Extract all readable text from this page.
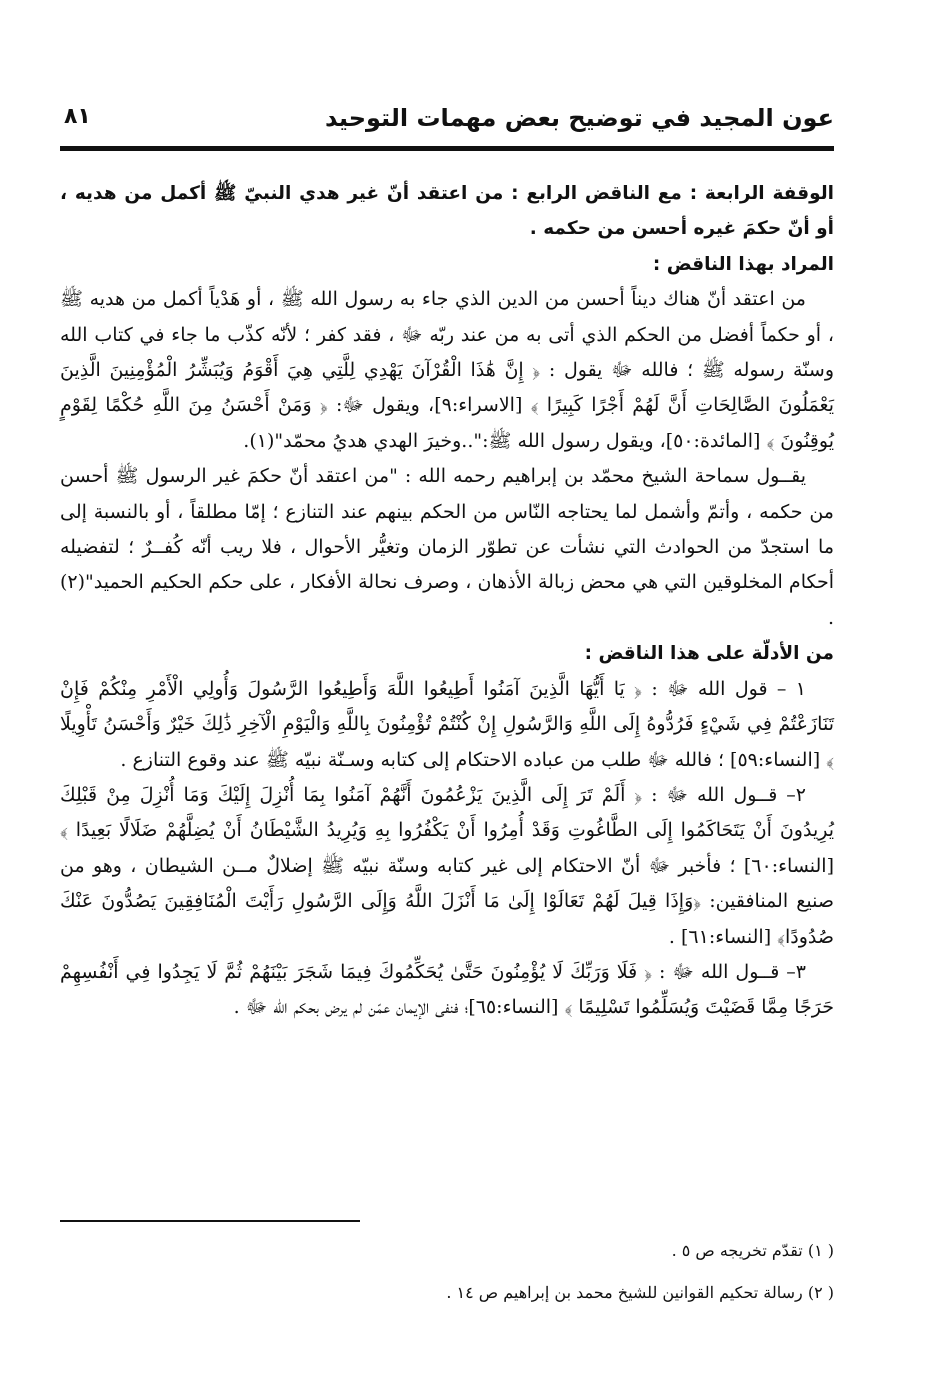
عون المجيد في توضيح بعض مهمات التوحيد
٨١

الوقفة الرابعة : مع الناقض الرابع : من اعتقد أنّ غير هدي النبيّ ﷺ أكمل من هديه ، أو أنّ حكمَ غيره أحسن من حكمه .

المراد بهذا الناقض :

من اعتقد أنّ هناك ديناً أحسن من الدين الذي جاء به رسول الله ﷺ ، أو هَدْياً أكمل من هديه ﷺ ، أو حكماً أفضل من الحكم الذي أتى به من عند ربّه ﷻ ، فقد كفر ؛ لأنّه كذّب ما جاء في كتاب الله وسنّة رسوله ﷺ ؛ فالله ﷻ يقول : ﴿ إِنَّ هَٰذَا الْقُرْآنَ يَهْدِي لِلَّتِي هِيَ أَقْوَمُ وَيُبَشِّرُ الْمُؤْمِنِينَ الَّذِينَ يَعْمَلُونَ الصَّالِحَاتِ أَنَّ لَهُمْ أَجْرًا كَبِيرًا ﴾ [الاسراء:٩]، ويقول ﷻ: ﴿ وَمَنْ أَحْسَنُ مِنَ اللَّهِ حُكْمًا لِقَوْمٍ يُوقِنُونَ ﴾ [المائدة:٥٠]، ويقول رسول الله ﷺ:"..وخيرَ الهدي هديُ محمّد"(١).

يقــول سماحة الشيخ محمّد بن إبراهيم رحمه الله : "من اعتقد أنّ حكمَ غير الرسول ﷺ أحسن من حكمه ، وأتمّ وأشمل لما يحتاجه النّاس من الحكم بينهم عند التنازع ؛ إمّا مطلقاً ، أو بالنسبة إلى ما استجدّ من الحوادث التي نشأت عن تطوّر الزمان وتغيُّر الأحوال ، فلا ريب أنّه كُفــرٌ ؛ لتفضيله أحكام المخلوقين التي هي محض زبالة الأذهان ، وصرف نحالة الأفكار ، على حكم الحكيم الحميد"(٢) .

من الأدلّة على هذا الناقض :

١ – قول الله ﷻ : ﴿ يَا أَيُّهَا الَّذِينَ آمَنُوا أَطِيعُوا اللَّهَ وَأَطِيعُوا الرَّسُولَ وَأُولِي الْأَمْرِ مِنْكُمْ فَإِنْ تَنَازَعْتُمْ فِي شَيْءٍ فَرُدُّوهُ إِلَى اللَّهِ وَالرَّسُولِ إِنْ كُنْتُمْ تُؤْمِنُونَ بِاللَّهِ وَالْيَوْمِ الْآخِرِ ذَٰلِكَ خَيْرٌ وَأَحْسَنُ تَأْوِيلًا ﴾ [النساء:٥٩] ؛ فالله ﷻ طلب من عباده الاحتكام إلى كتابه وسـنّة نبيّه ﷺ عند وقوع التنازع .

٢– قــول الله ﷻ : ﴿ أَلَمْ تَرَ إِلَى الَّذِينَ يَزْعُمُونَ أَنَّهُمْ آمَنُوا بِمَا أُنْزِلَ إِلَيْكَ وَمَا أُنْزِلَ مِنْ قَبْلِكَ يُرِيدُونَ أَنْ يَتَحَاكَمُوا إِلَى الطَّاغُوتِ وَقَدْ أُمِرُوا أَنْ يَكْفُرُوا بِهِ وَيُرِيدُ الشَّيْطَانُ أَنْ يُضِلَّهُمْ ضَلَالًا بَعِيدًا ﴾ [النساء:٦٠] ؛ فأخبر ﷻ أنّ الاحتكام إلى غير كتابه وسنّة نبيّه ﷺ إضلالٌ مــن الشيطان ، وهو من صنيع المنافقين: ﴿وَإِذَا قِيلَ لَهُمْ تَعَالَوْا إِلَىٰ مَا أَنْزَلَ اللَّهُ وَإِلَى الرَّسُولِ رَأَيْتَ الْمُنَافِقِينَ يَصُدُّونَ عَنْكَ صُدُودًا﴾ [النساء:٦١] .

٣– قــول الله ﷻ : ﴿ فَلَا وَرَبِّكَ لَا يُؤْمِنُونَ حَتَّىٰ يُحَكِّمُوكَ فِيمَا شَجَرَ بَيْنَهُمْ ثُمَّ لَا يَجِدُوا فِي أَنْفُسِهِمْ حَرَجًا مِمَّا قَضَيْتَ وَيُسَلِّمُوا تَسْلِيمًا ﴾ [النساء:٦٥]؛ فنفى الإيمان عمّن لم يرض بحكم الله ﷻ .

( ١) تقدّم تخريجه ص ٥ .

( ٢) رسالة تحكيم القوانين للشيخ محمد بن إبراهيم ص ١٤ .
